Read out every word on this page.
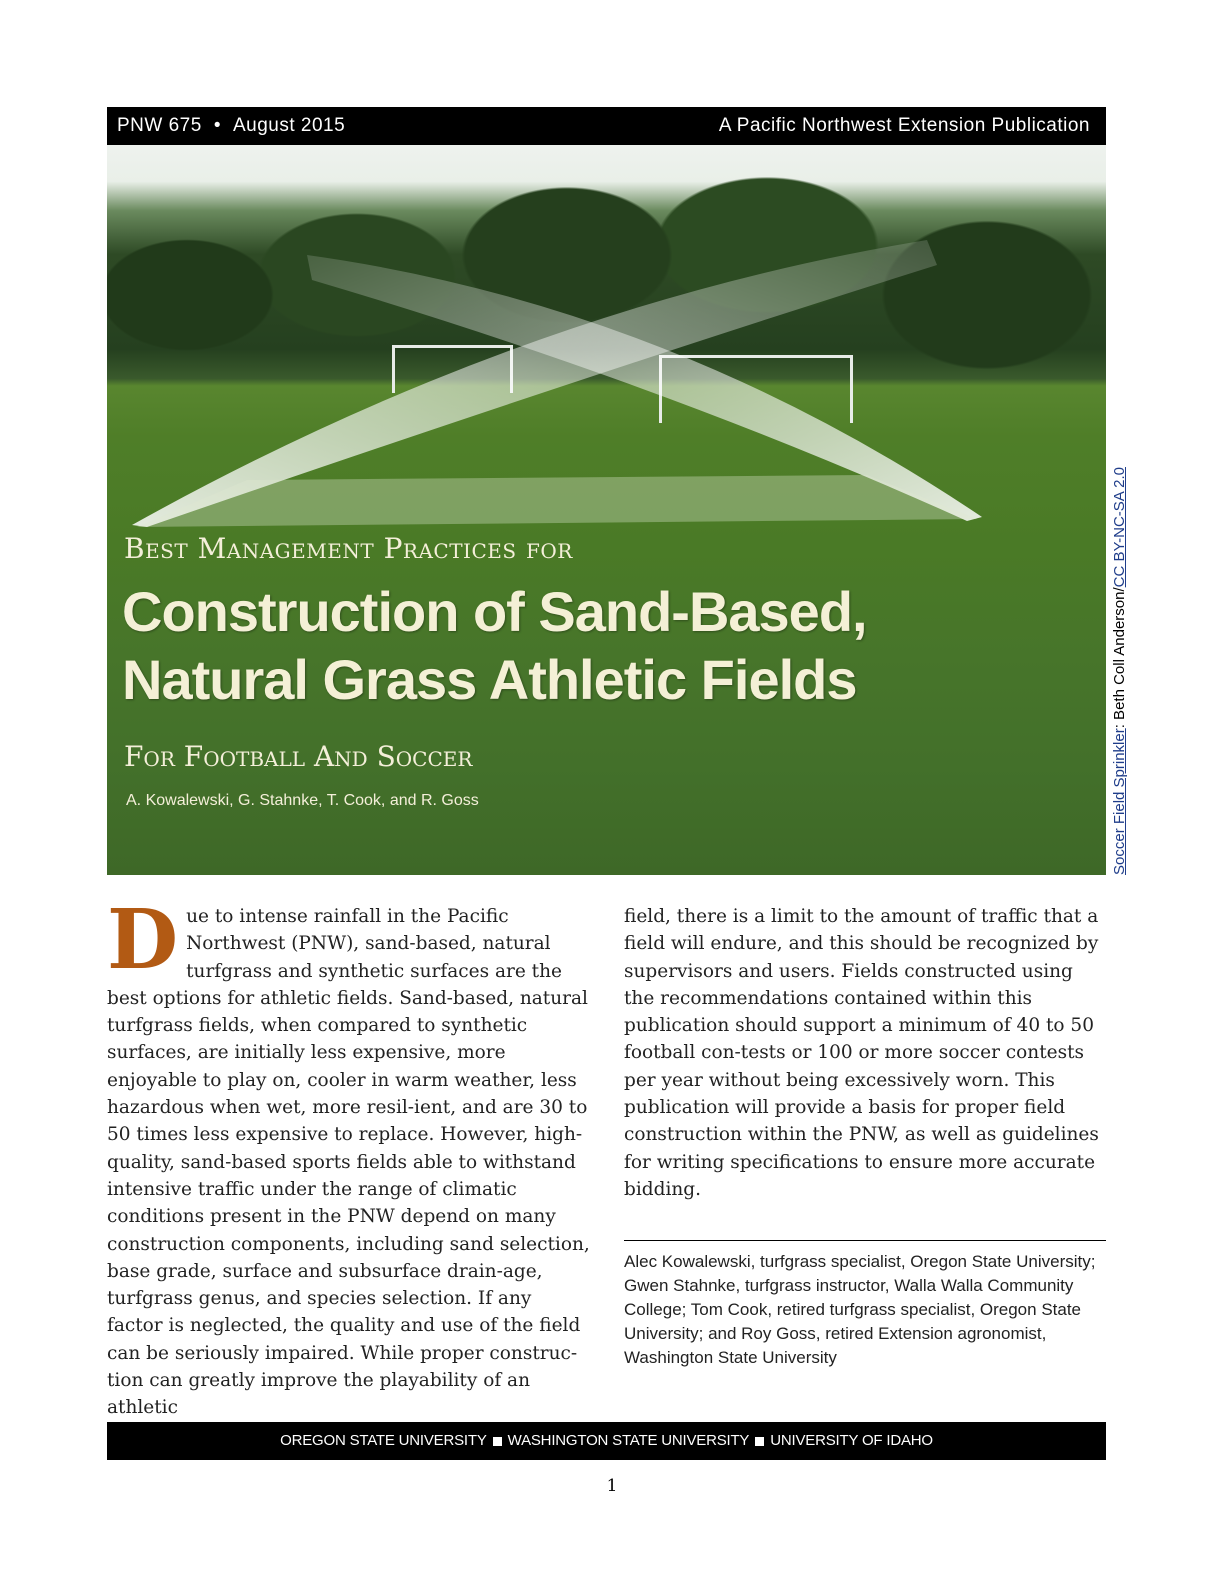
PNW 675 • August 2015	A Pacific Northwest Extension Publication
Best Management Practices for
Construction of Sand-Based, Natural Grass Athletic Fields
For Football And Soccer
A. Kowalewski, G. Stahnke, T. Cook, and R. Goss	Soccer Field Sprinkler: Beth Coll Anderson/CC BY-NC-SA 2.0

Due to intense rainfall in the Pacific Northwest (PNW), sand-based, natural turfgrass and synthetic surfaces are the best options for athletic fields. Sand-based, natural turfgrass fields, when compared to synthetic surfaces, are initially less expensive, more enjoyable to play on, cooler in warm weather, less hazardous when wet, more resil-ient, and are 30 to 50 times less expensive to replace. However, high-quality, sand-based sports fields able to withstand intensive traffic under the range of climatic conditions present in the PNW depend on many construction components, including sand selection, base grade, surface and subsurface drain-age, turfgrass genus, and species selection. If any factor is neglected, the quality and use of the field can be seriously impaired. While proper construc-tion can greatly improve the playability of an athletic

field, there is a limit to the amount of traffic that a field will endure, and this should be recognized by supervisors and users. Fields constructed using the recommendations contained within this publication should support a minimum of 40 to 50 football con-tests or 100 or more soccer contests per year without being excessively worn. This publication will provide a basis for proper field construction within the PNW, as well as guidelines for writing specifications to ensure more accurate bidding.

Alec Kowalewski, turfgrass specialist, Oregon State University; Gwen Stahnke, turfgrass instructor, Walla Walla Community College; Tom Cook, retired turfgrass specialist, Oregon State University; and Roy Goss, retired Extension agronomist, Washington State University
OREGON STATE UNIVERSITY WASHINGTON STATE UNIVERSITY UNIVERSITY OF IDAHO
1
